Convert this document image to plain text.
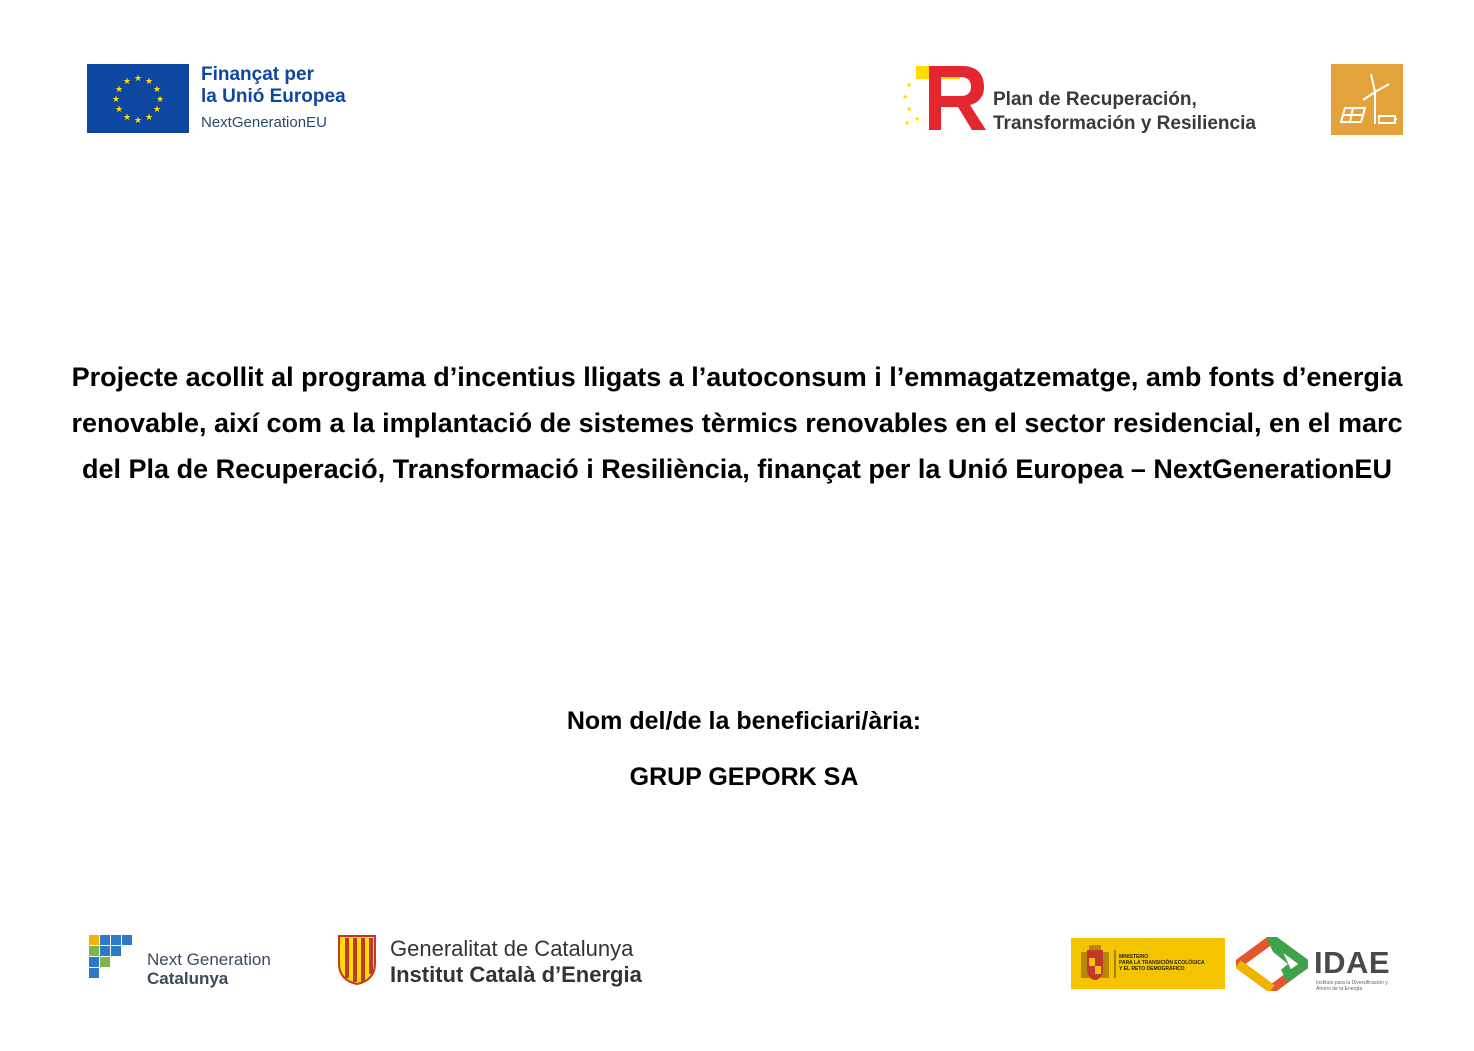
★ ★
★
★
★
★
★
★
★
★
★
★	Finançat per
la Unió Europea
NextGenerationEU
★
★
★
★
★
Plan de Recuperación,
Transformación y Resiliencia
Projecte acollit al programa d’incentius lligats a l’autoconsum i l’emmagatzematge, amb fonts d’energia renovable, així com a la implantació de sistemes tèrmics renovables en el sector residencial, en el marc del Pla de Recuperació, Transformació i Resiliència, finançat per la Unió Europea – NextGenerationEU
Nom del/de la beneficiari/ària:
GRUP GEPORK SA
Next Generation
Catalunya
Generalitat de Catalunya
Institut Català d’Energia
MINISTERIO
PARA LA TRANSICIÓN ECOLÓGICA
Y EL RETO DEMOGRÁFICO	IDAE
Instituto para la Diversificación y Ahorro de la Energía
